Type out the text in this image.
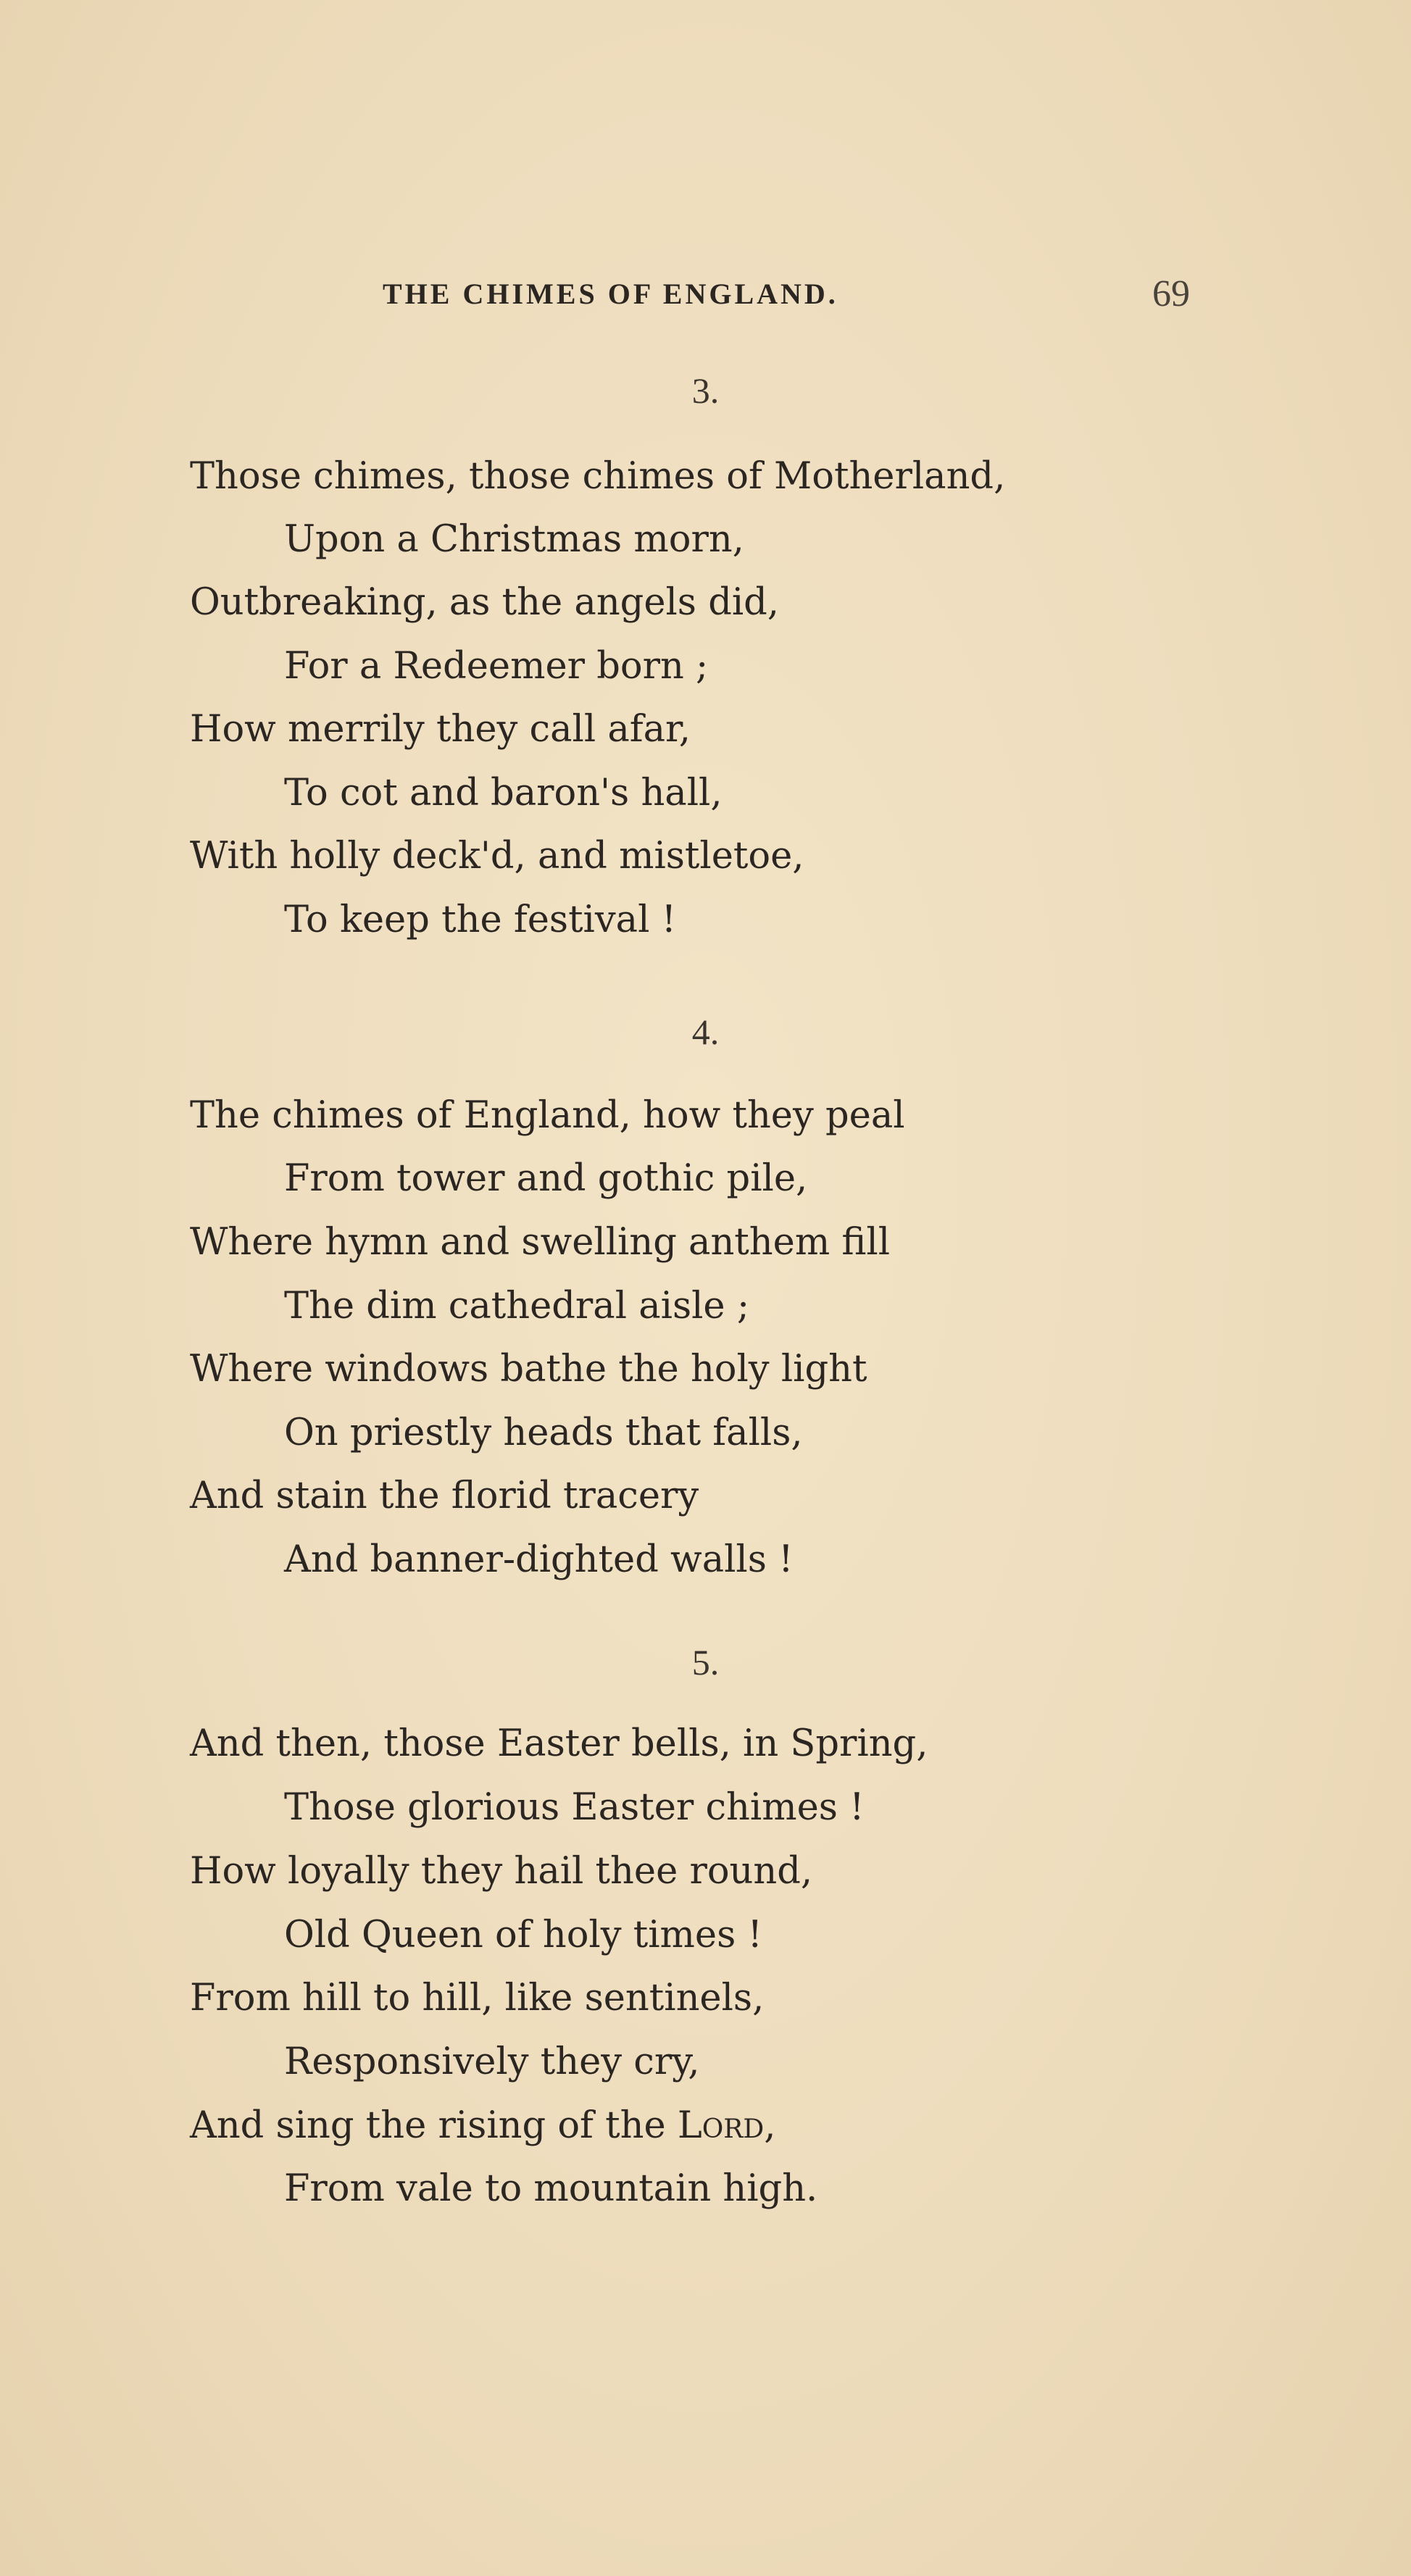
THE CHIMES OF ENGLAND.	69
3.
Those chimes, those chimes of Motherland,
Upon a Christmas morn,
Outbreaking, as the angels did,
For a Redeemer born ;
How merrily they call afar,
To cot and baron's hall,
With holly deck'd, and mistletoe,
To keep the festival !
4.
The chimes of England, how they peal
From tower and gothic pile,
Where hymn and swelling anthem fill
The dim cathedral aisle ;
Where windows bathe the holy light
On priestly heads that falls,
And stain the florid tracery
And banner-dighted walls !
5.
And then, those Easter bells, in Spring,
Those glorious Easter chimes !
How loyally they hail thee round,
Old Queen of holy times !
From hill to hill, like sentinels,
Responsively they cry,
And sing the rising of the Lord,
From vale to mountain high.
